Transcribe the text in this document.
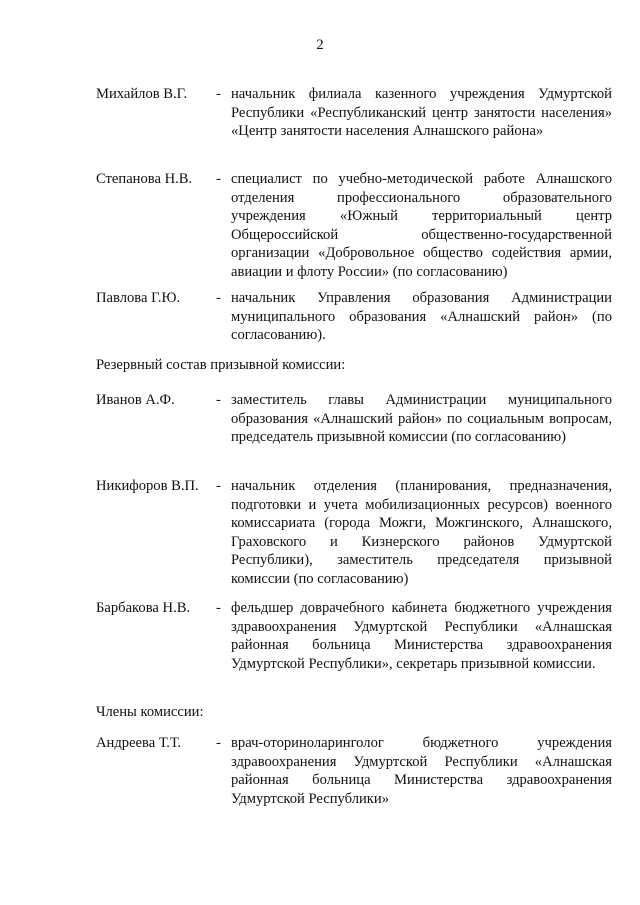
2
Михайлов В.Г. - начальник филиала казенного учреждения Удмуртской Республики «Республиканский центр занятости населения» «Центр занятости населения Алнашского района»
Степанова Н.В. - специалист по учебно-методической работе Алнашского отделения профессионального образовательного учреждения «Южный территориальный центр Общероссийской общественно-государственной организации «Добровольное общество содействия армии, авиации и флоту России» (по согласованию)
Павлова Г.Ю. - начальник Управления образования Администрации муниципального образования «Алнашский район» (по согласованию).
Резервный состав призывной комиссии:
Иванов А.Ф.	- заместитель главы Администрации муниципального образования «Алнашский район» по социальным вопросам, председатель призывной комиссии (по согласованию)
Никифоров В.П. - начальник отделения (планирования, предназначения, подготовки и учета мобилизационных ресурсов) военного комиссариата (города Можги, Можгинского, Алнашского, Граховского и Кизнерского районов Удмуртской Республики), заместитель председателя призывной комиссии (по согласованию)
Барбакова Н.В. - фельдшер доврачебного кабинета бюджетного учреждения здравоохранения Удмуртской Республики «Алнашская районная больница Министерства здравоохранения Удмуртской Республики», секретарь призывной комиссии.
Члены комиссии:
Андреева Т.Т. - врач-оториноларинголог бюджетного учреждения здравоохранения Удмуртской Республики «Алнашская районная больница Министерства здравоохранения Удмуртской Республики»
